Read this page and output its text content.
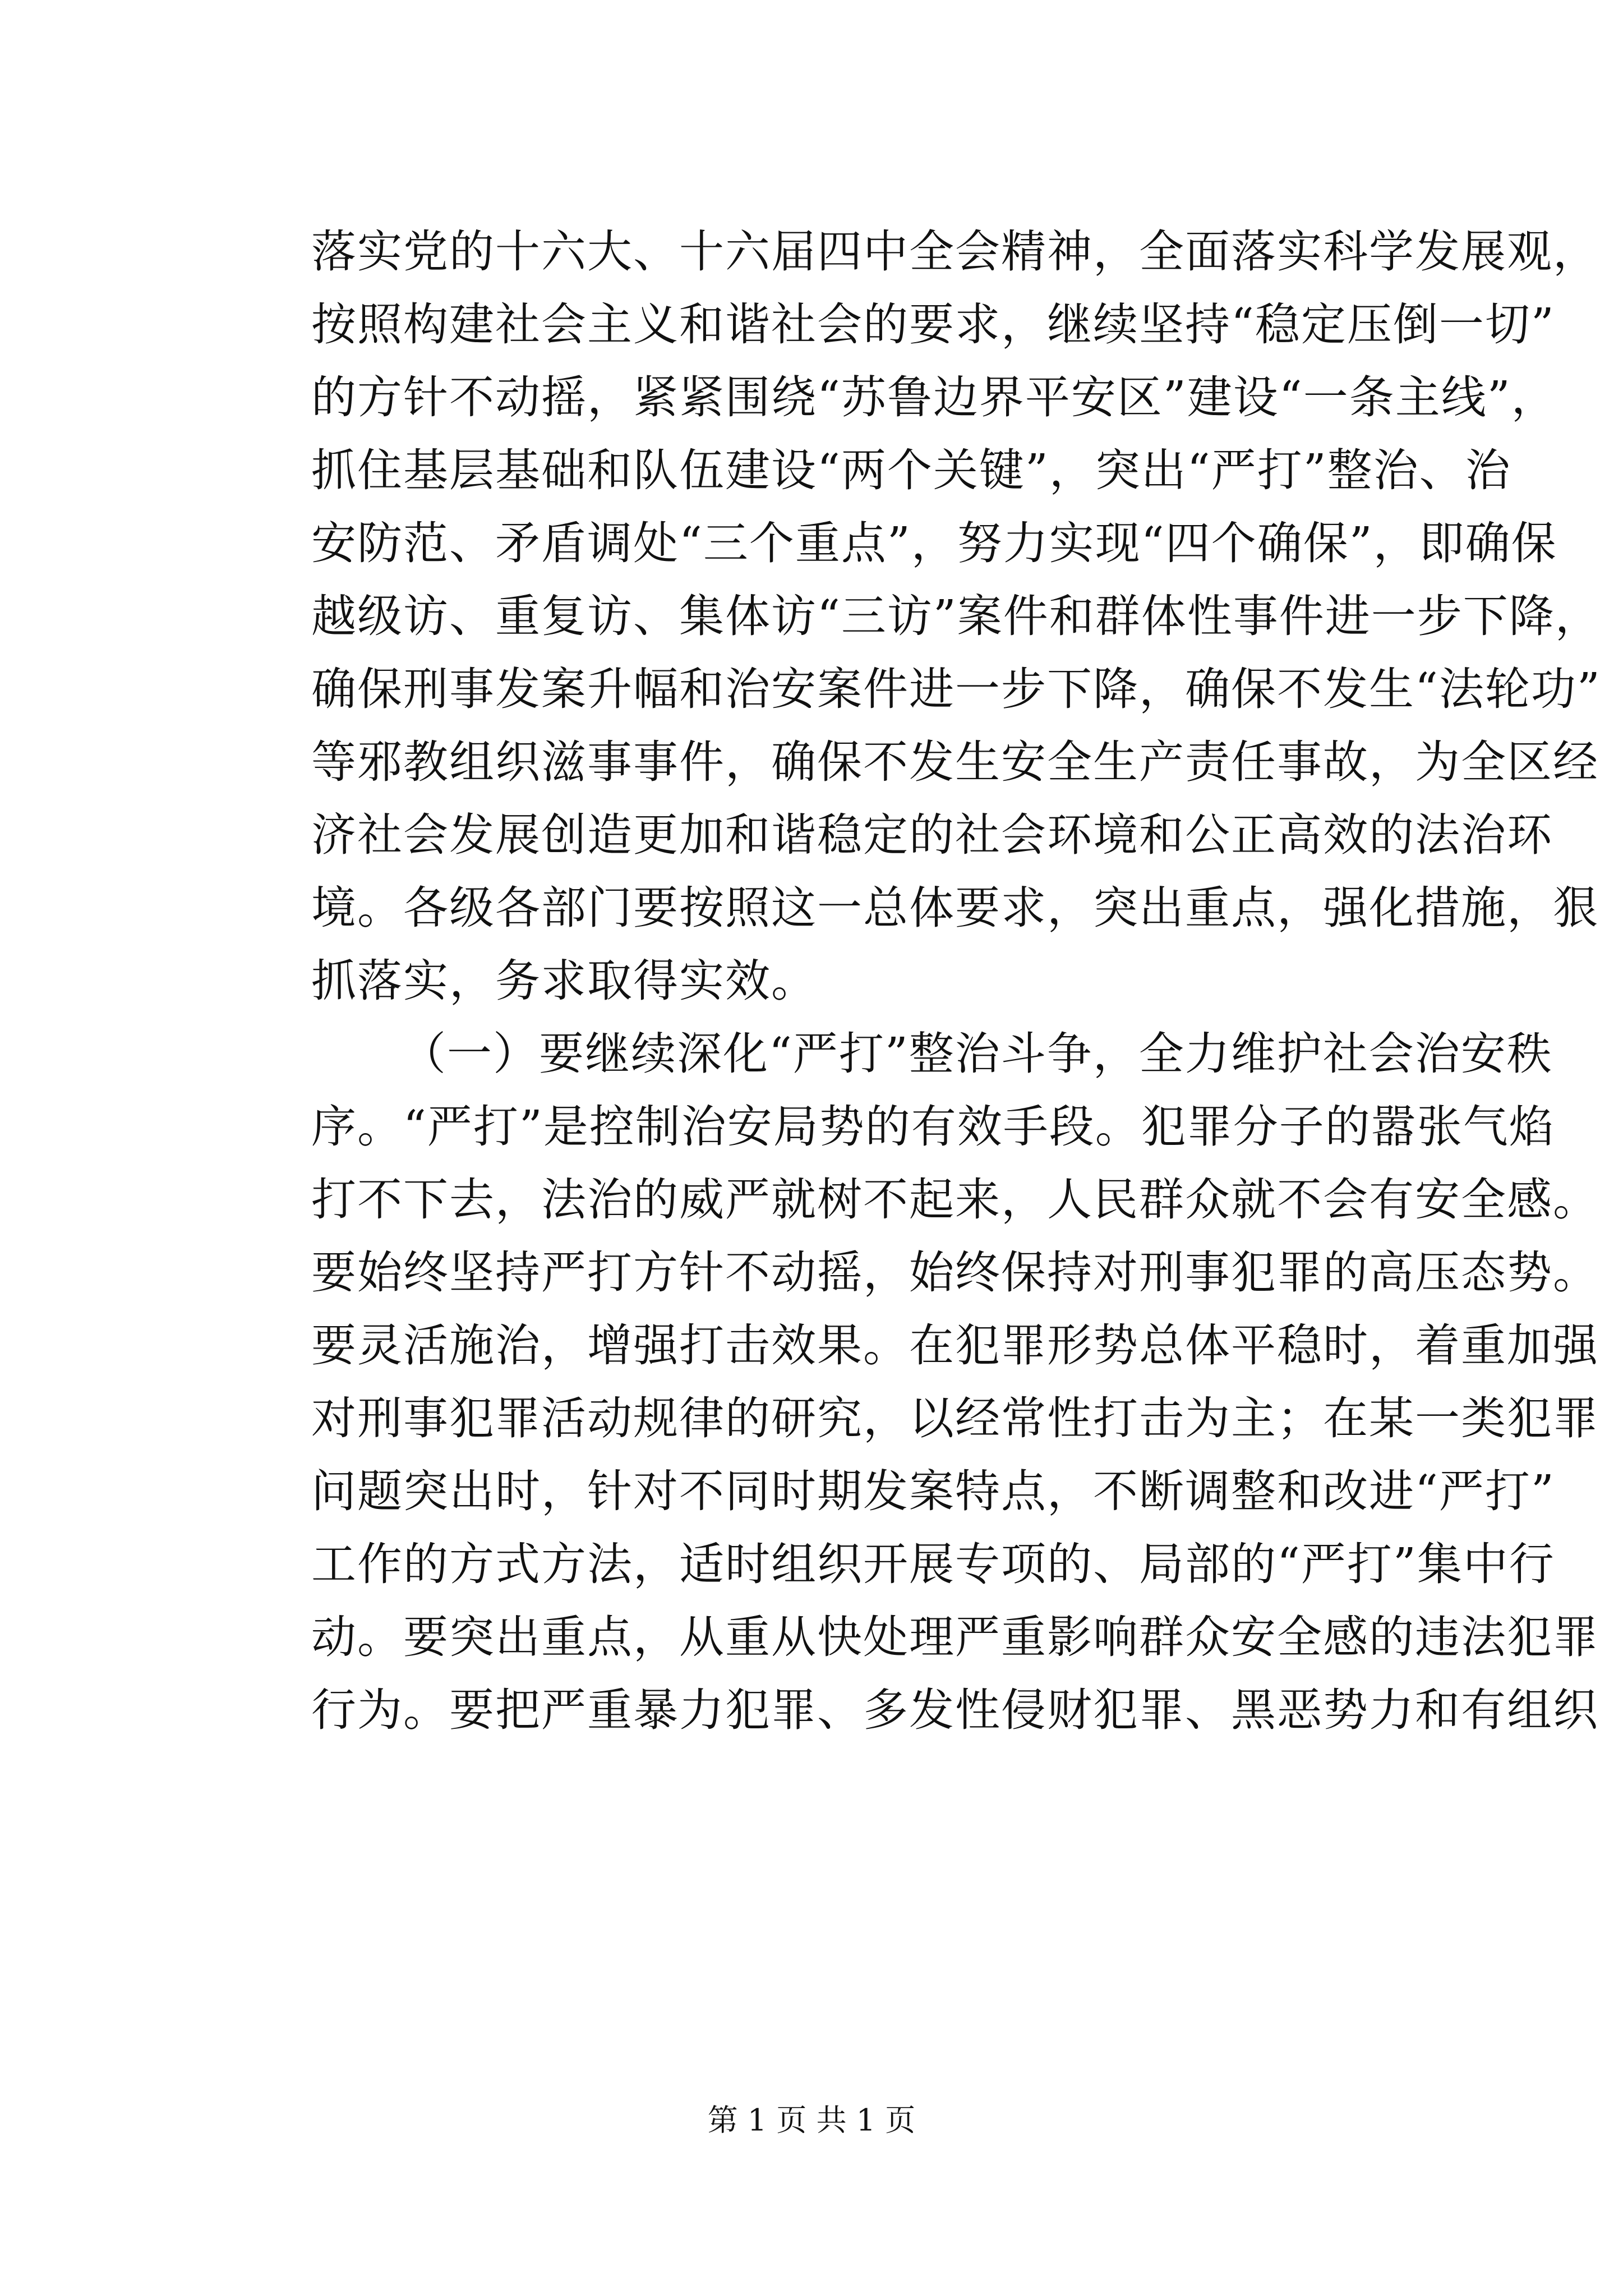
落实党的十六大、十六届四中全会精神，全面落实科学发展观，
按照构建社会主义和谐社会的要求，继续坚持“稳定压倒一切”
的方针不动摇，紧紧围绕“苏鲁边界平安区”建设“一条主线”，
抓住基层基础和队伍建设“两个关键”，突出“严打”整治、治
安防范、矛盾调处“三个重点”，努力实现“四个确保”，即确保
越级访、重复访、集体访“三访”案件和群体性事件进一步下降，
确保刑事发案升幅和治安案件进一步下降，确保不发生“法轮功”
等邪教组织滋事事件，确保不发生安全生产责任事故，为全区经
济社会发展创造更加和谐稳定的社会环境和公正高效的法治环
境。各级各部门要按照这一总体要求，突出重点，强化措施，狠
抓落实，务求取得实效。
（一）要继续深化“严打”整治斗争，全力维护社会治安秩
序。“严打”是控制治安局势的有效手段。犯罪分子的嚣张气焰
打不下去，法治的威严就树不起来，人民群众就不会有安全感。
要始终坚持严打方针不动摇，始终保持对刑事犯罪的高压态势。
要灵活施治，增强打击效果。在犯罪形势总体平稳时，着重加强
对刑事犯罪活动规律的研究，以经常性打击为主；在某一类犯罪
问题突出时，针对不同时期发案特点，不断调整和改进“严打”
工作的方式方法，适时组织开展专项的、局部的“严打”集中行
动。要突出重点，从重从快处理严重影响群众安全感的违法犯罪
行为。要把严重暴力犯罪、多发性侵财犯罪、黑恶势力和有组织
第 1 页 共 1 页
